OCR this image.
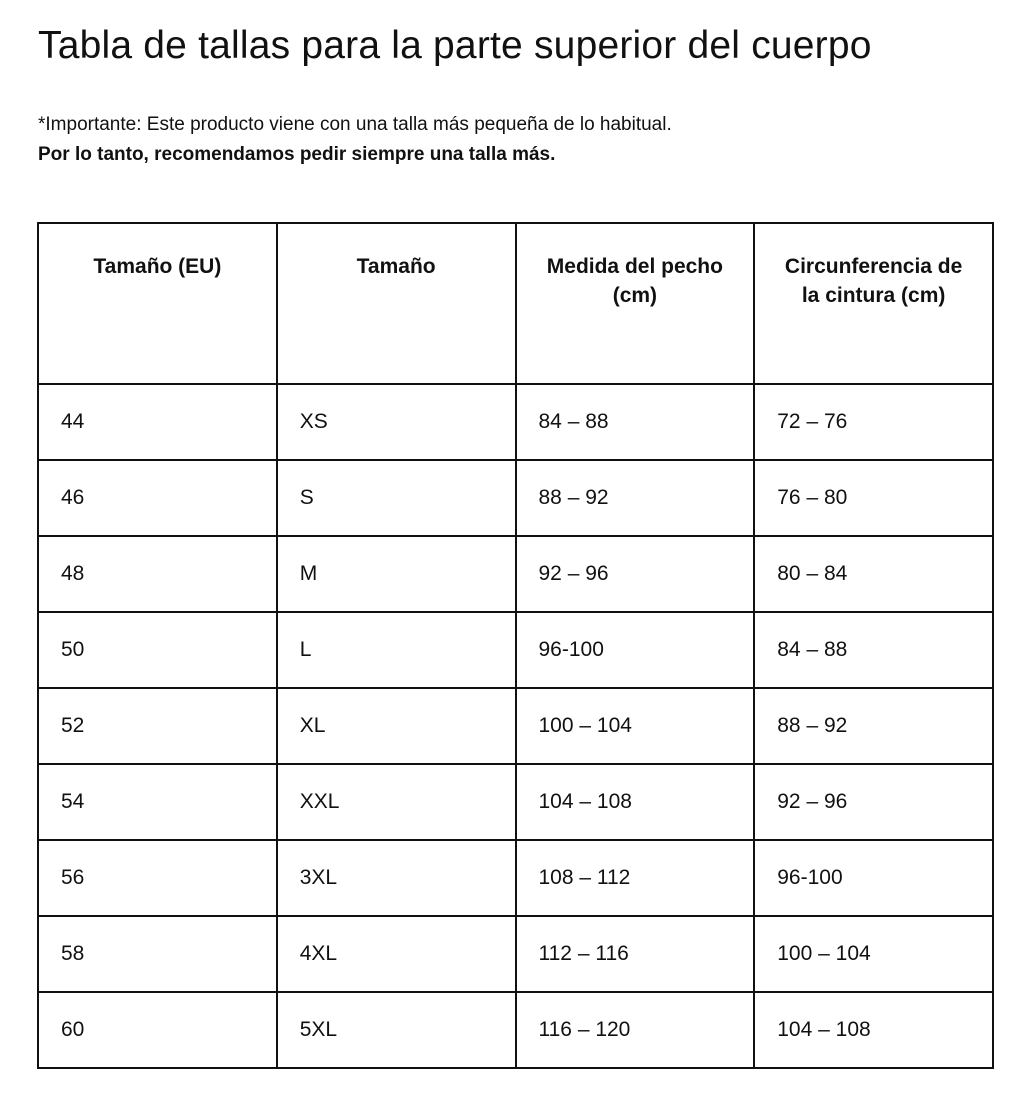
Tabla de tallas para la parte superior del cuerpo
*Importante: Este producto viene con una talla más pequeña de lo habitual.
Por lo tanto, recomendamos pedir siempre una talla más.
Tamaño (EU)	Tamaño	Medida del pecho (cm)	Circunferencia de la cintura (cm)
44	XS	84 – 88	72 – 76
46	S	88 – 92	76 – 80
48	M	92 – 96	80 – 84
50	L	96-100	84 – 88
52	XL	100 – 104	88 – 92
54	XXL	104 – 108	92 – 96
56	3XL	108 – 112	96-100
58	4XL	112 – 116	100 – 104
60	5XL	116 – 120	104 – 108
